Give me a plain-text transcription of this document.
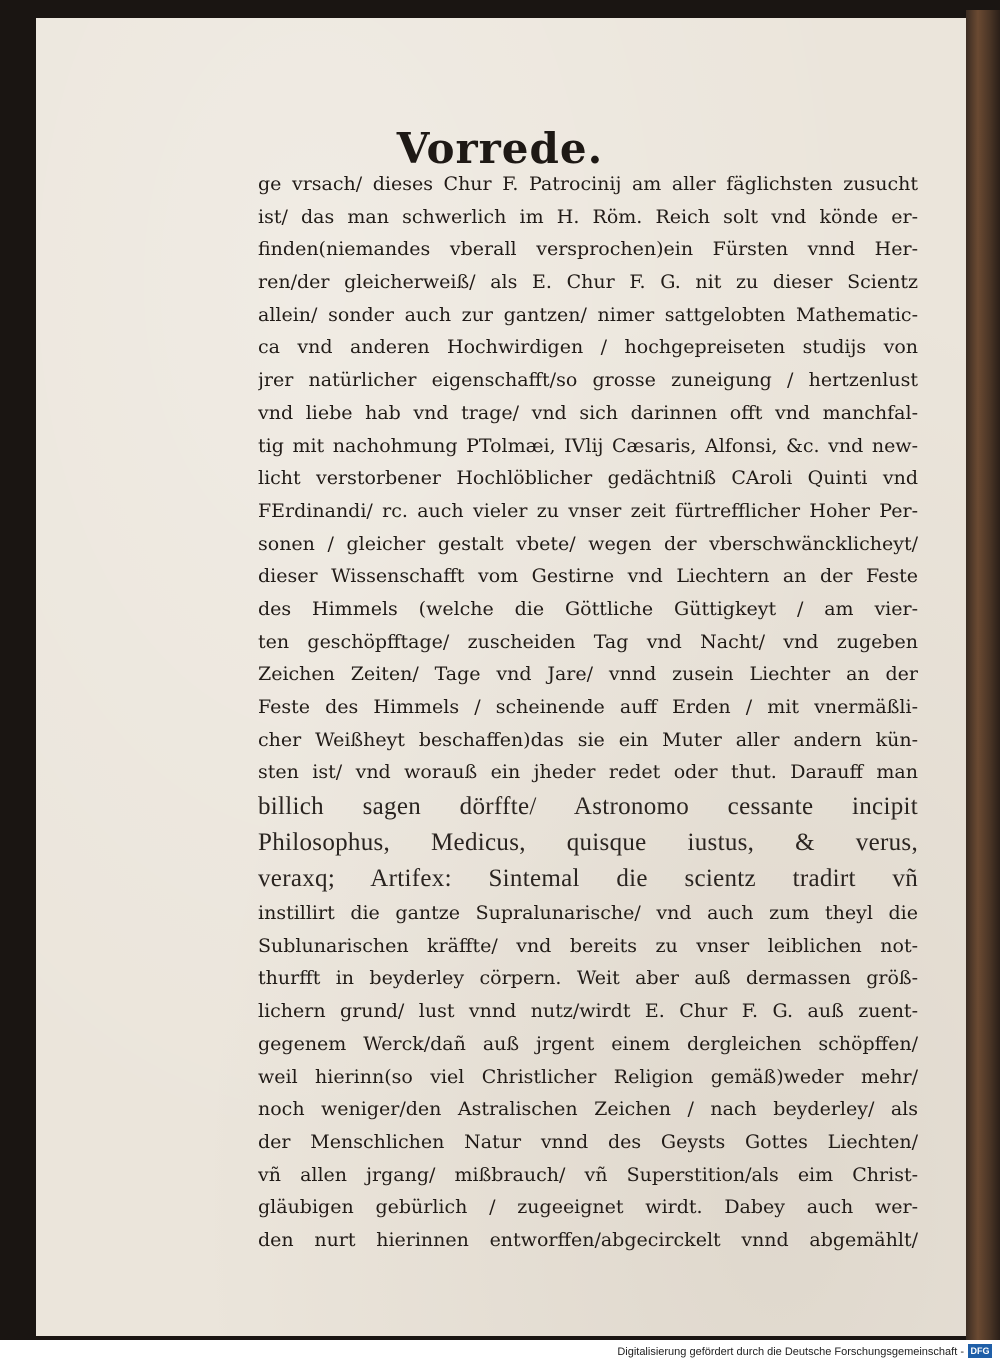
Vorrede.
ge vrsach/ dieses Chur F. Patrocinij am aller fäglichsten zusucht
ist/ das man schwerlich im H. Röm. Reich solt vnd könde er-
finden(niemandes vberall versprochen)ein Fürsten vnnd Her-
ren/der gleicherweiß/ als E. Chur F. G. nit zu dieser Scientz
allein/ sonder auch zur gantzen/ nimer sattgelobten Mathematic-
ca vnd anderen Hochwirdigen / hochgepreiseten studijs von
jrer natürlicher eigenschafft/so grosse zuneigung / hertzenlust
vnd liebe hab vnd trage/ vnd sich darinnen offt vnd manchfal-
tig mit nachohmung PTolmæi, IVlij Cæsaris, Alfonsi, &c. vnd new-
licht verstorbener Hochlöblicher gedächtniß CAroli Quinti vnd
FErdinandi/ rc. auch vieler zu vnser zeit fürtrefflicher Hoher Per-
sonen / gleicher gestalt vbete/ wegen der vberschwäncklicheyt/
dieser Wissenschafft vom Gestirne vnd Liechtern an der Feste
des Himmels (welche die Göttliche Güttigkeyt / am vier-
ten geschöpfftage/ zuscheiden Tag vnd Nacht/ vnd zugeben
Zeichen Zeiten/ Tage vnd Jare/ vnnd zusein Liechter an der
Feste des Himmels / scheinende auff Erden / mit vnermäßli-
cher Weißheyt beschaffen)das sie ein Muter aller andern kün-
sten ist/ vnd worauß ein jheder redet oder thut. Darauff man
billich sagen dörffte/ Astronomo cessante incipit
Philosophus, Medicus, quisque iustus, & verus,
veraxq; Artifex: Sintemal die scientz tradirt vñ
instillirt die gantze Supralunarische/ vnd auch zum theyl die
Sublunarischen kräffte/ vnd bereits zu vnser leiblichen not-
thurfft in beyderley cörpern. Weit aber auß dermassen größ-
lichern grund/ lust vnnd nutz/wirdt E. Chur F. G. auß zuent-
gegenem Werck/dañ auß jrgent einem dergleichen schöpffen/
weil hierinn(so viel Christlicher Religion gemäß)weder mehr/
noch weniger/den Astralischen Zeichen / nach beyderley/ als
der Menschlichen Natur vnnd des Geysts Gottes Liechten/
vñ allen jrgang/ mißbrauch/ vñ Superstition/als eim Christ-
gläubigen gebürlich / zugeeignet wirdt. Dabey auch wer-
den nurt hierinnen entworffen/abgecirckelt vnnd abgemählt/
Digitalisierung gefördert durch die Deutsche Forschungsgemeinschaft - DFG
